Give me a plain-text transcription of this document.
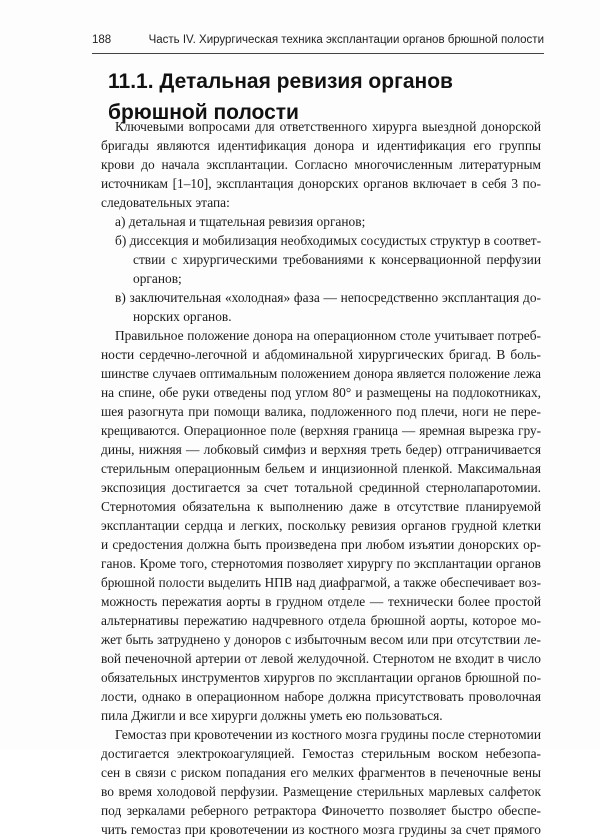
188	Часть IV. Хирургическая техника эксплантации органов брюшной полости
11.1. Детальная ревизия органов
брюшной полости
Ключевыми вопросами для ответственного хирурга выездной донорской
бригады являются идентификация донора и идентификация его группы
крови до начала эксплантации. Согласно многочисленным литературным
источникам [1–10], эксплантация донорских органов включает в себя 3 по-
следовательных этапа:
а) детальная и тщательная ревизия органов;
б) диссекция и мобилизация необходимых сосудистых структур в соответ-
ствии с хирургическими требованиями к консервационной перфузии
органов;
в) заключительная «холодная» фаза — непосредственно эксплантация до-
норских органов.
Правильное положение донора на операционном столе учитывает потреб-
ности сердечно-легочной и абдоминальной хирургических бригад. В боль-
шинстве случаев оптимальным положением донора является положение лежа
на спине, обе руки отведены под углом 80° и размещены на подлокотниках,
шея разогнута при помощи валика, подложенного под плечи, ноги не пере-
крещиваются. Операционное поле (верхняя граница — яремная вырезка гру-
дины, нижняя — лобковый симфиз и верхняя треть бедер) отграничивается
стерильным операционным бельем и инцизионной пленкой. Максимальная
экспозиция достигается за счет тотальной срединной стернолапаротомии.
Стернотомия обязательна к выполнению даже в отсутствие планируемой
эксплантации сердца и легких, поскольку ревизия органов грудной клетки
и средостения должна быть произведена при любом изъятии донорских ор-
ганов. Кроме того, стернотомия позволяет хирургу по эксплантации органов
брюшной полости выделить НПВ над диафрагмой, а также обеспечивает воз-
можность пережатия аорты в грудном отделе — технически более простой
альтернативы пережатию надчревного отдела брюшной аорты, которое мо-
жет быть затруднено у доноров с избыточным весом или при отсутствии ле-
вой печеночной артерии от левой желудочной. Стернотом не входит в число
обязательных инструментов хирургов по эксплантации органов брюшной по-
лости, однако в операционном наборе должна присутствовать проволочная
пила Джигли и все хирурги должны уметь ею пользоваться.
Гемостаз при кровотечении из костного мозга грудины после стернотомии
достигается электрокоагуляцией. Гемостаз стерильным воском небезопа-
сен в связи с риском попадания его мелких фрагментов в печеночные вены
во время холодовой перфузии. Размещение стерильных марлевых салфеток
под зеркалами реберного ретрактора Финочетто позволяет быстро обеспе-
чить гемостаз при кровотечении из костного мозга грудины за счет прямого
